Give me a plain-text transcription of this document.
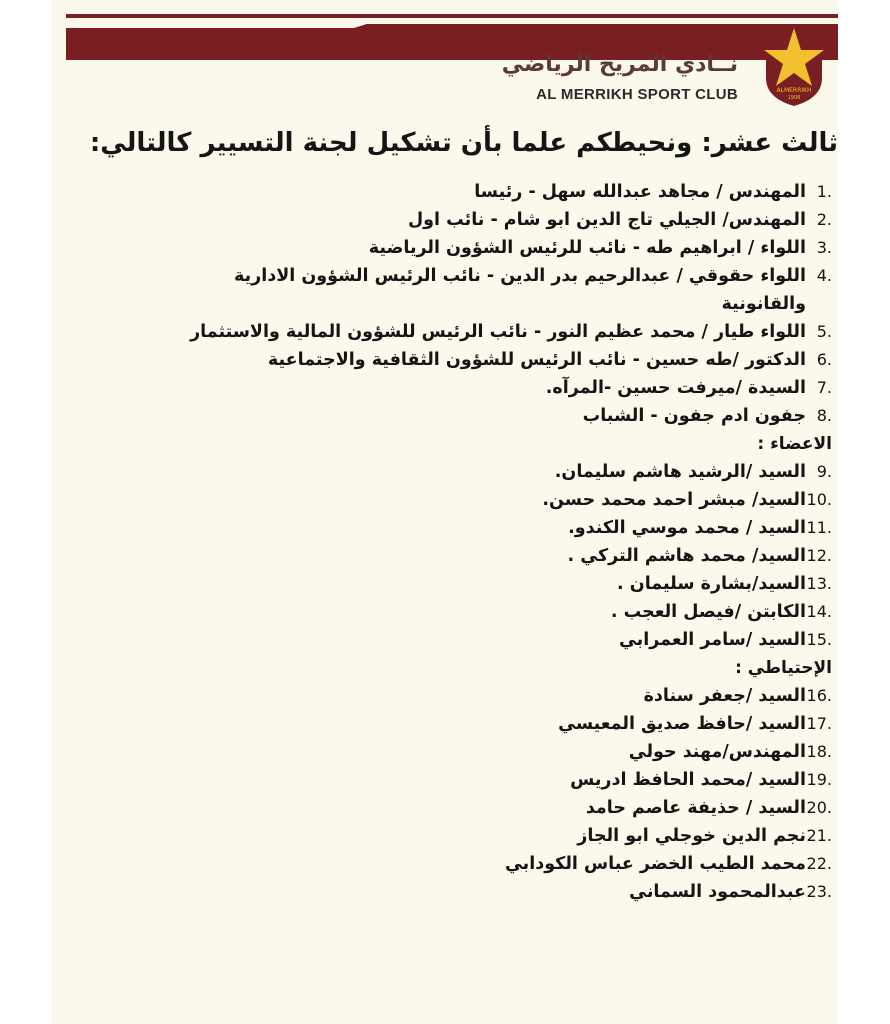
نــادي المريخ الرياضي
AL MERRIKH SPORT CLUB	ALMERRIKH
1908
ثالث عشر: ونحيطكم علما بأن تشكيل لجنة التسيير كالتالي:
1.
المهندس / مجاهد عبدالله سهل - رئيسا
2.
المهندس/ الجيلي تاج الدين ابو شام - نائب اول
3.
اللواء / ابراهيم طه - نائب للرئيس الشؤون الرياضية
4.
اللواء حقوقي / عبدالرحيم بدر الدين - نائب الرئيس الشؤون الادارية والقانونية
5.
اللواء طيار / محمد عظيم النور - نائب الرئيس للشؤون المالية والاستثمار
6.
الدكتور /طه حسين - نائب الرئيس للشؤون الثقافية والاجتماعية
7.
السيدة /ميرفت حسين -المرآه.
8.
جفون ادم جفون - الشباب
الاعضاء :
9.
السيد /الرشيد هاشم سليمان.
10.
السيد/ مبشر احمد محمد حسن.
11.
السيد / محمد موسي الكندو.
12.
السيد/ محمد هاشم التركي .
13.
السيد/بشارة سليمان .
14.
الكابتن /فيصل العجب .
15.
السيد /سامر العمرابي
الإحتياطي :
16.
السيد /جعفر سنادة
17.
السيد /حافظ صديق المعيسي
18.
المهندس/مهند حولي
19.
السيد /محمد الحافظ ادريس
20.
السيد / حذيفة عاصم حامد
21.
نجم الدين خوجلي ابو الجاز
22.
محمد الطيب الخضر عباس الكودابي
23.
عبدالمحمود السماني
